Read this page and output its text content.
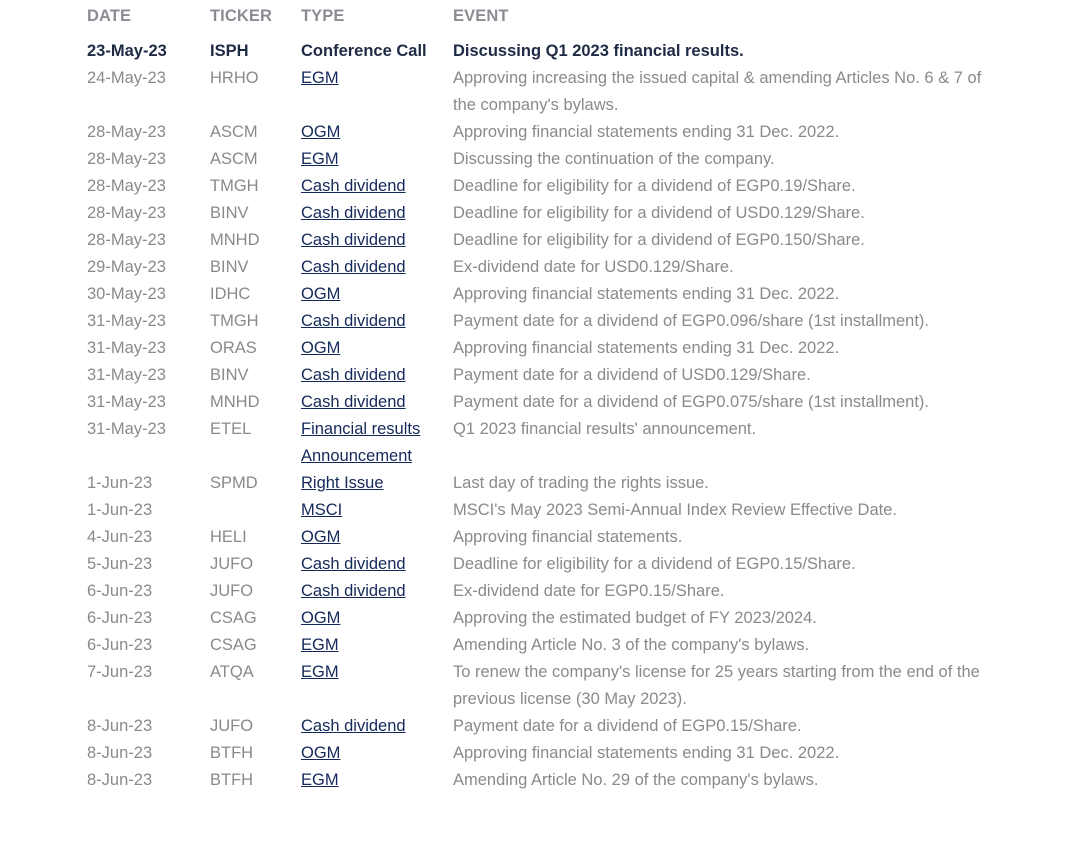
DATE	TICKER	TYPE	EVENT
23-May-23	ISPH	Conference Call	Discussing Q1 2023 financial results.
24-May-23	HRHO	EGM	Approving increasing the issued capital & amending Articles No. 6 & 7 of the company's bylaws.
28-May-23	ASCM	OGM	Approving financial statements ending 31 Dec. 2022.
28-May-23	ASCM	EGM	Discussing the continuation of the company.
28-May-23	TMGH	Cash dividend	Deadline for eligibility for a dividend of EGP0.19/Share.
28-May-23	BINV	Cash dividend	Deadline for eligibility for a dividend of USD0.129/Share.
28-May-23	MNHD	Cash dividend	Deadline for eligibility for a dividend of EGP0.150/Share.
29-May-23	BINV	Cash dividend	Ex-dividend date for USD0.129/Share.
30-May-23	IDHC	OGM	Approving financial statements ending 31 Dec. 2022.
31-May-23	TMGH	Cash dividend	Payment date for a dividend of EGP0.096/share (1st installment).
31-May-23	ORAS	OGM	Approving financial statements ending 31 Dec. 2022.
31-May-23	BINV	Cash dividend	Payment date for a dividend of USD0.129/Share.
31-May-23	MNHD	Cash dividend	Payment date for a dividend of EGP0.075/share (1st installment).
31-May-23	ETEL	Financial results Announcement	Q1 2023 financial results' announcement.
1-Jun-23	SPMD	Right Issue	Last day of trading the rights issue.
1-Jun-23		MSCI	MSCI's May 2023 Semi-Annual Index Review Effective Date.
4-Jun-23	HELI	OGM	Approving financial statements.
5-Jun-23	JUFO	Cash dividend	Deadline for eligibility for a dividend of EGP0.15/Share.
6-Jun-23	JUFO	Cash dividend	Ex-dividend date for EGP0.15/Share.
6-Jun-23	CSAG	OGM	Approving the estimated budget of FY 2023/2024.
6-Jun-23	CSAG	EGM	Amending Article No. 3 of the company's bylaws.
7-Jun-23	ATQA	EGM	To renew the company's license for 25 years starting from the end of the previous license (30 May 2023).
8-Jun-23	JUFO	Cash dividend	Payment date for a dividend of EGP0.15/Share.
8-Jun-23	BTFH	OGM	Approving financial statements ending 31 Dec. 2022.
8-Jun-23	BTFH	EGM	Amending Article No. 29 of the company's bylaws.
